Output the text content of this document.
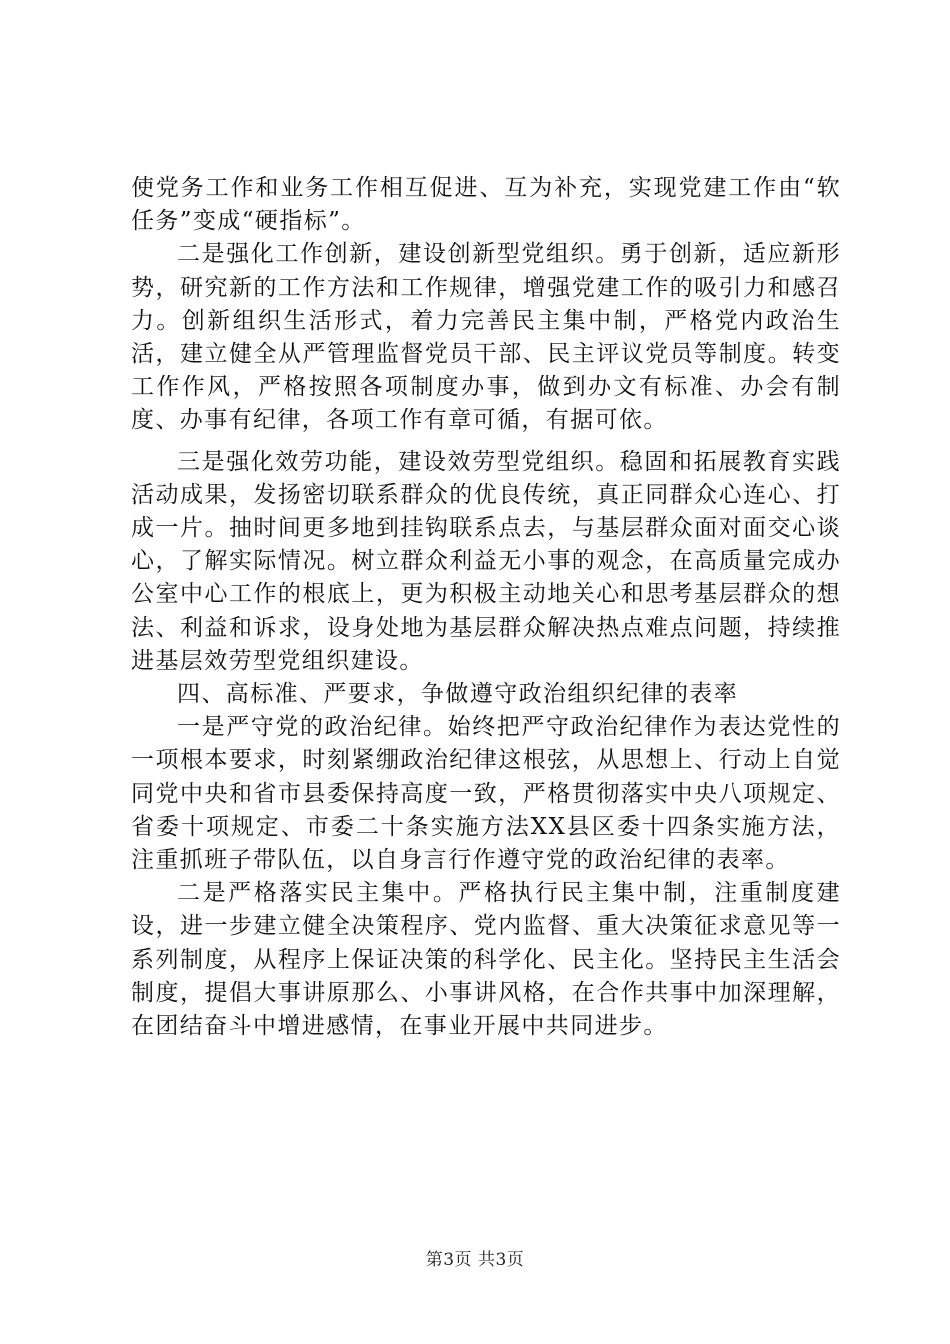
使党务工作和业务工作相互促进、互为补充，实现党建工作由“软任务”变成“硬指标”。

二是强化工作创新，建设创新型党组织。勇于创新，适应新形势，研究新的工作方法和工作规律，增强党建工作的吸引力和感召力。创新组织生活形式，着力完善民主集中制，严格党内政治生活，建立健全从严管理监督党员干部、民主评议党员等制度。转变工作作风，严格按照各项制度办事，做到办文有标准、办会有制度、办事有纪律，各项工作有章可循，有据可依。

三是强化效劳功能，建设效劳型党组织。稳固和拓展教育实践活动成果，发扬密切联系群众的优良传统，真正同群众心连心、打成一片。抽时间更多地到挂钩联系点去，与基层群众面对面交心谈心，了解实际情况。树立群众利益无小事的观念，在高质量完成办公室中心工作的根底上，更为积极主动地关心和思考基层群众的想法、利益和诉求，设身处地为基层群众解决热点难点问题，持续推进基层效劳型党组织建设。

四、高标准、严要求，争做遵守政治组织纪律的表率

一是严守党的政治纪律。始终把严守政治纪律作为表达党性的一项根本要求，时刻紧绷政治纪律这根弦，从思想上、行动上自觉同党中央和省市县委保持高度一致，严格贯彻落实中央八项规定、省委十项规定、市委二十条实施方法XX县区委十四条实施方法，注重抓班子带队伍，以自身言行作遵守党的政治纪律的表率。

二是严格落实民主集中。严格执行民主集中制，注重制度建设，进一步建立健全决策程序、党内监督、重大决策征求意见等一系列制度，从程序上保证决策的科学化、民主化。坚持民主生活会制度，提倡大事讲原那么、小事讲风格，在合作共事中加深理解，在团结奋斗中增进感情，在事业开展中共同进步。

第3页 共3页
